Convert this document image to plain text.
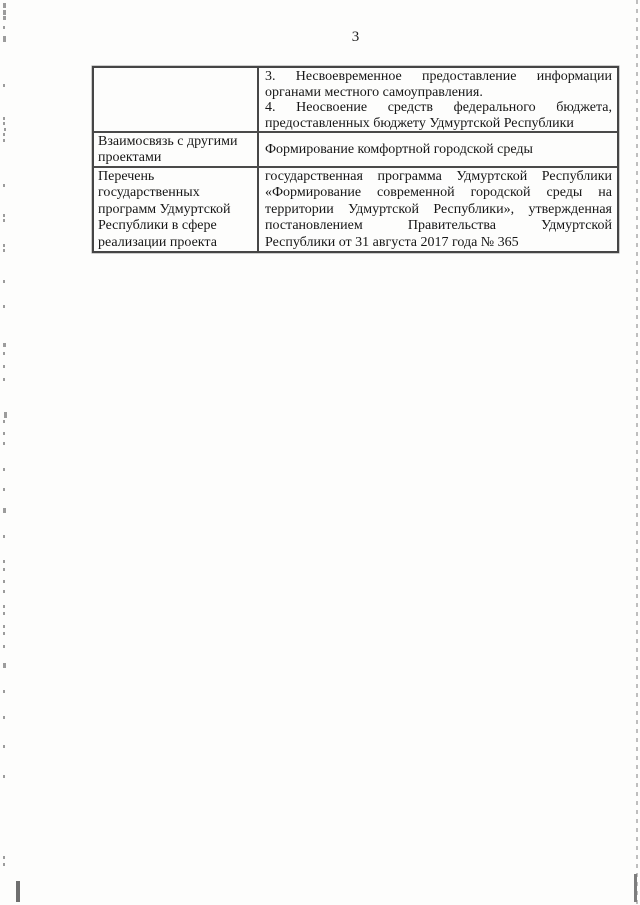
3
3. Несвоевременное предоставление информации
органами местного самоуправления.
4. Неосвоение средств федерального бюджета,
предоставленных бюджету Удмуртской Республики
Взаимосвязь с другими
проектами
Формирование комфортной городской среды
Перечень
государственных
программ Удмуртской
Республики в сфере
реализации проекта
государственная программа Удмуртской Республики
«Формирование современной городской среды на
территории Удмуртской Республики», утвержденная
постановлением Правительства Удмуртской
Республики от 31 августа 2017 года № 365
